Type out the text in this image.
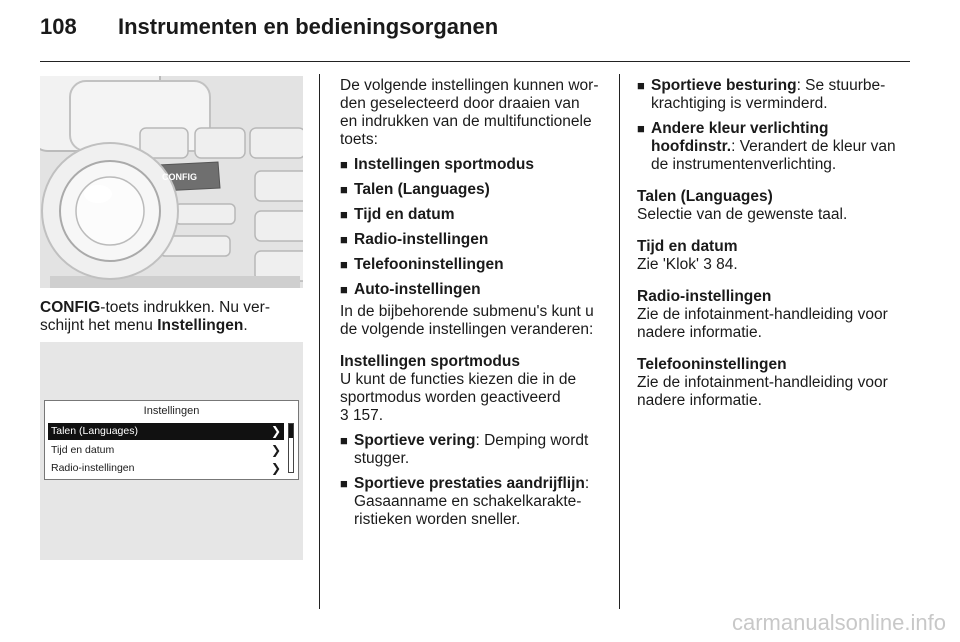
108 Instrumenten en bedieningsorganen
CONFIG

CONFIG-toets indrukken. Nu ver-

schijnt het menu Instellingen.

Instellingen
Talen (Languages)	❯
Tijd en datum	❯
Radio-instellingen	❯

De volgende instellingen kunnen wor-

den geselecteerd door draaien van

en indrukken van de multifunctionele

toets:

■ Instellingen sportmodus
■ Talen (Languages)
■ Tijd en datum
■ Radio-instellingen
■ Telefooninstellingen
■ Auto-instellingen

In de bijbehorende submenu's kunt u

de volgende instellingen veranderen:

Instellingen sportmodus

U kunt de functies kiezen die in de

sportmodus worden geactiveerd

3 157.

■ Sportieve vering: Demping wordt
stugger.
■ Sportieve prestaties aandrijflijn:
Gasaanname en schakelkarakte-
ristieken worden sneller.
■ Sportieve besturing: Se stuurbe-
krachtiging is verminderd.
■ Andere kleur verlichting
hoofdinstr.: Verandert de kleur van
de instrumentenverlichting.

Talen (Languages)

Selectie van de gewenste taal.

Tijd en datum

Zie 'Klok' 3 84.

Radio-instellingen

Zie de infotainment-handleiding voor

nadere informatie.

Telefooninstellingen

Zie de infotainment-handleiding voor

nadere informatie.

carmanualsonline.info
